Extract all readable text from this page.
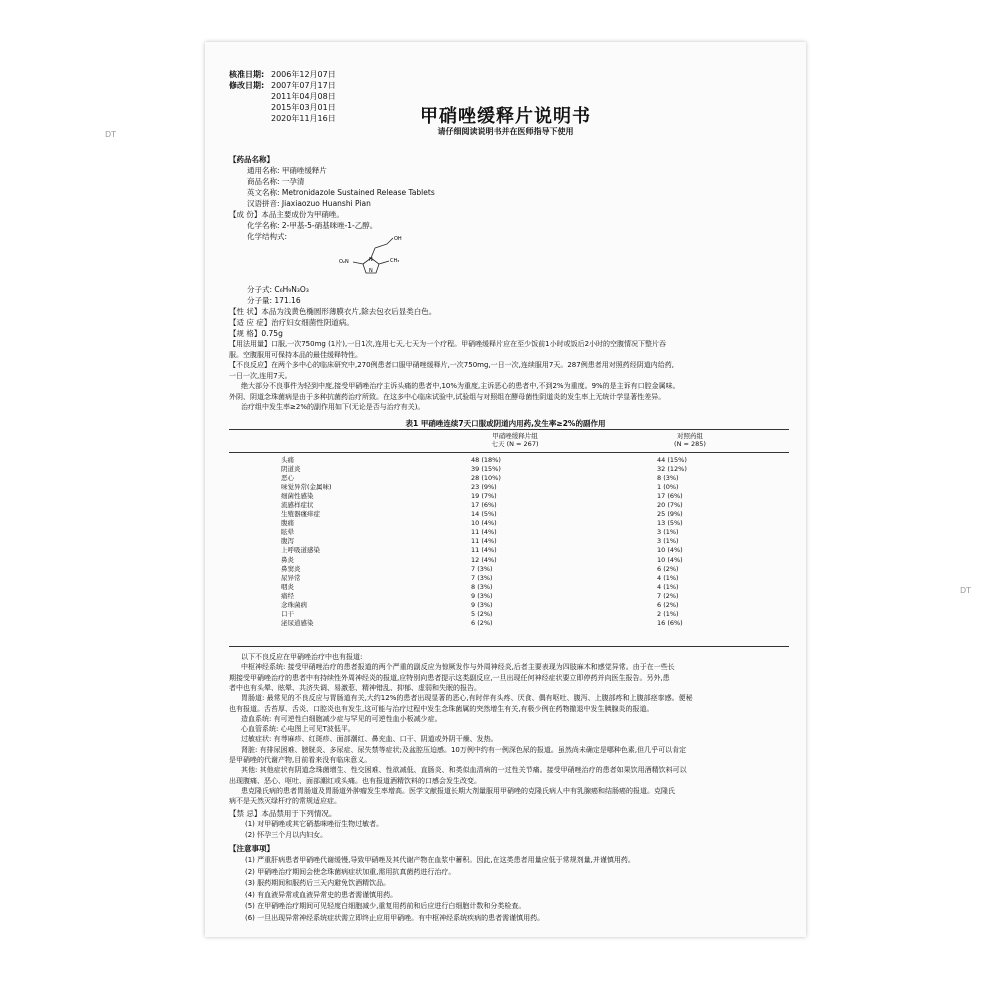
DT
DT
核准日期: 2006年12月07日
修改日期: 2007年07月17日
2011年04月08日
2015年03月01日
2020年11月16日	甲硝唑缓释片说明书
请仔细阅读说明书并在医师指导下使用
【药品名称】
通用名称: 甲硝唑缓释片
商品名称: 一孕清
英文名称: Metronidazole Sustained Release Tablets
汉语拼音: Jiaxiaozuo Huanshi Pian
【成 份】本品主要成份为甲硝唑。
化学名称: 2-甲基-5-硝基咪唑-1-乙醇。
化学结构式:	OH
O₂N	N
N
CH₃
分子式: C₆H₉N₃O₃
分子量: 171.16
【性 状】本品为浅黄色椭圆形薄膜衣片,除去包衣后显类白色。
【适 应 症】治疗妇女细菌性阴道病。
【规 格】0.75g
【用法用量】口服,一次750mg (1片),一日1次,连用七天,七天为一个疗程。甲硝唑缓释片应在至少饭前1小时或饭后2小时的空腹情况下整片吞
服。空腹服用可保持本品的最佳缓释特性。
【不良反应】在两个多中心的临床研究中,270例患者口服甲硝唑缓释片,一次750mg,一日一次,连续服用7天。287例患者用对照药经阴道内给药,
一日一次,连用7天。
绝大部分不良事件为轻到中度,接受甲硝唑治疗主诉头痛的患者中,10%为重度,主诉恶心的患者中,不到2%为重度。9%的是主诉有口腔金属味。
外阴、阴道念珠菌病是由于多种抗菌药治疗所致。在这多中心临床试验中,试验组与对照组在酵母菌性阴道炎的发生率上无统计学显著性差异。
治疗组中发生率≥2%的副作用如下(无论是否与治疗有关)。
表1 甲硝唑连续7天口服或阴道内用药,发生率≥2%的副作用
甲硝唑缓释片组
七天 (N = 267)
对照药组
(N = 285)
头痛	48 (18%)	44 (15%)
阴道炎	39 (15%)	32 (12%)
恶心	28 (10%)	8 (3%)
味觉异常(金属味)	23 (9%)	1 (0%)
细菌性感染	19 (7%)	17 (6%)
流感样症状	17 (6%)	20 (7%)
生殖器瘙痒症	14 (5%)	25 (9%)
腹痛	10 (4%)	13 (5%)
眩晕	11 (4%)	3 (1%)
腹泻	11 (4%)	3 (1%)
上呼吸道感染	11 (4%)	10 (4%)
鼻炎	12 (4%)	10 (4%)
鼻窦炎	7 (3%)	6 (2%)
尿异常	7 (3%)	4 (1%)
咽炎	8 (3%)	4 (1%)
痛经	9 (3%)	7 (2%)
念珠菌病	9 (3%)	6 (2%)
口干	5 (2%)	2 (1%)
泌尿道感染	6 (2%)	16 (6%)
以下不良反应在甲硝唑治疗中也有报道:
中枢神经系统: 接受甲硝唑治疗的患者报道的两个严重的副反应为惊厥发作与外周神经炎,后者主要表现为四肢麻木和感觉异常。由于在一些长
期接受甲硝唑治疗的患者中有持续性外周神经炎的报道,应特别向患者提示这类副反应,一旦出现任何神经症状要立即停药并向医生报告。另外,患
者中也有头晕、眩晕、共济失调、易激惹、精神错乱、抑郁、虚弱和失眠的报告。
胃肠道: 最常见的不良反应与胃肠道有关,大约12%的患者出现显著的恶心,有时伴有头疼、厌食、偶有呕吐、腹泻、上腹部疼和上腹部痉挛感。便秘
也有报道。舌苔厚、舌炎、口腔炎也有发生,这可能与治疗过程中发生念珠菌属的突然增生有关,有极少例在药物撤退中发生胰腺炎的报道。
造血系统: 有可逆性白细胞减少症与罕见的可逆性血小板减少症。
心血管系统: 心电图上可见T波低平。
过敏症状: 有荨麻疹、红斑疹、面部潮红、鼻充血、口干、阴道或外阴干燥、发热。
肾脏: 有排尿困难、膀胱炎、多尿症、尿失禁等症状;及盆腔压迫感。10万例中约有一例深色尿的报道。虽然尚未确定是哪种色素,但几乎可以肯定
是甲硝唑的代谢产物,目前看来没有临床意义。
其他: 其他症状有阴道念珠菌增生、性交困难、性欲减低、直肠炎、和类似血清病的一过性关节痛。接受甲硝唑治疗的患者如果饮用酒精饮料可以
出现腹痛、恶心、呕吐、面部潮红或头痛。也有报道酒精饮料的口感会发生改变。
患克隆氏病的患者胃肠道及胃肠道外肿瘤发生率增高。医学文献报道长期大剂量服用甲硝唑的克隆氏病人中有乳腺癌和结肠癌的报道。克隆氏
病不是天然灭绿杆疗的常规适应症。
【禁 忌】本品禁用于下列情况。
(1) 对甲硝唑或其它硝基咪唑衍生物过敏者。
(2) 怀孕三个月以内妇女。
【注意事项】
(1) 严重肝病患者甲硝唑代谢缓慢,导致甲硝唑及其代谢产物在血浆中蓄积。因此,在这类患者用量应低于常规剂量,并谨慎用药。
(2) 甲硝唑治疗期间会使念珠菌病症状加重,需用抗真菌药进行治疗。
(3) 服药期间和服药后三天内避免饮酒精饮品。
(4) 有血液异常或血液异常史的患者需谨慎用药。
(5) 在甲硝唑治疗期间可见轻度白细胞减少,重复用药前和后应进行白细胞计数和分类检查。
(6) 一旦出现异常神经系统症状需立即终止应用甲硝唑。有中枢神经系统疾病的患者需谨慎用药。
